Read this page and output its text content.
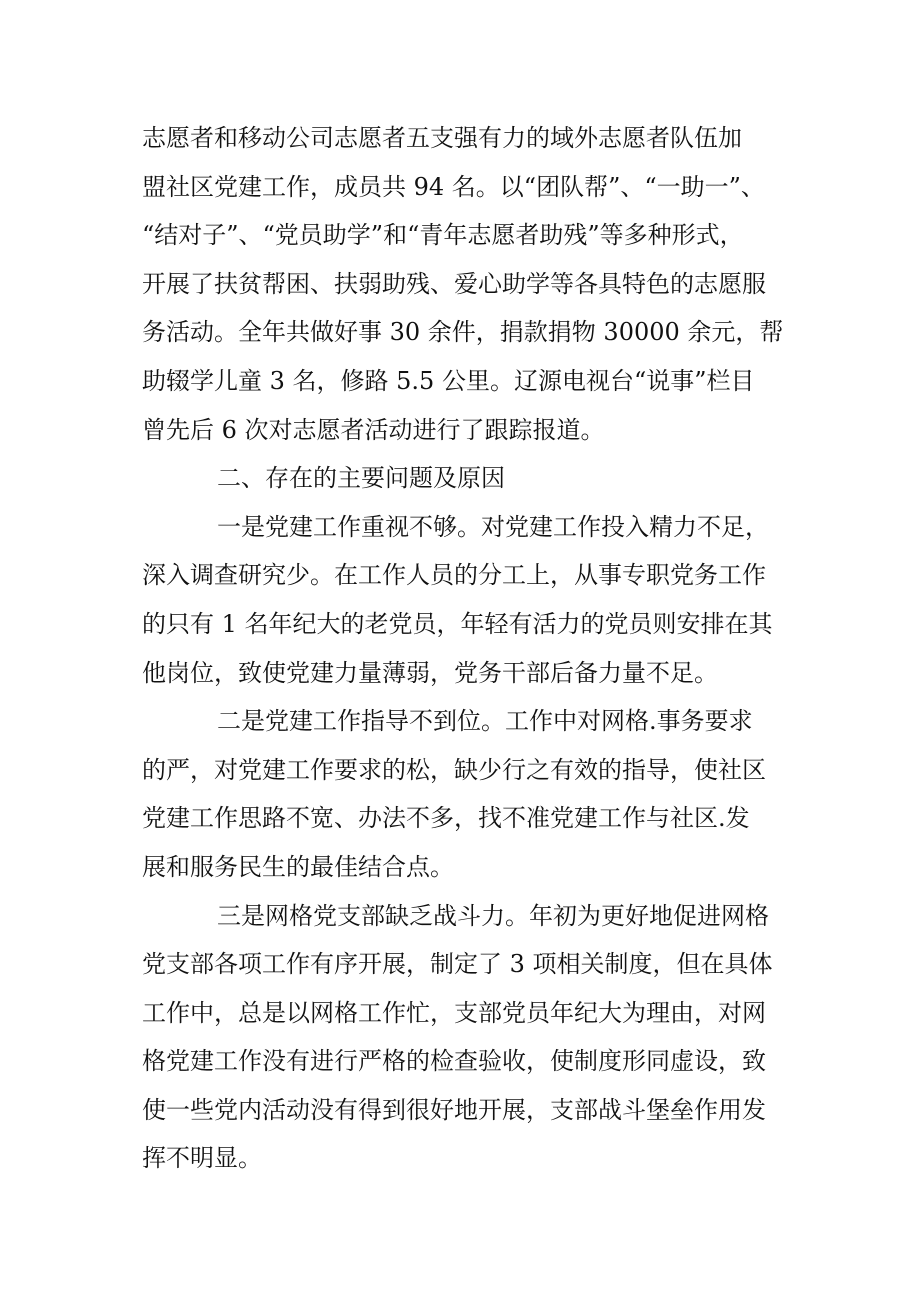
志愿者和移动公司志愿者五支强有力的域外志愿者队伍加
盟社区党建工作，成员共 94 名。以“团队帮”、“一助一”、
“结对子”、“党员助学”和“青年志愿者助残”等多种形式，
开展了扶贫帮困、扶弱助残、爱心助学等各具特色的志愿服
务活动。全年共做好事 30 余件，捐款捐物 30000 余元，帮
助辍学儿童 3 名，修路 5.5 公里。辽源电视台“说事”栏目
曾先后 6 次对志愿者活动进行了跟踪报道。
二、存在的主要问题及原因
一是党建工作重视不够。对党建工作投入精力不足，
深入调查研究少。在工作人员的分工上，从事专职党务工作
的只有 1 名年纪大的老党员，年轻有活力的党员则安排在其
他岗位，致使党建力量薄弱，党务干部后备力量不足。
二是党建工作指导不到位。工作中对网格.事务要求
的严，对党建工作要求的松，缺少行之有效的指导，使社区
党建工作思路不宽、办法不多，找不准党建工作与社区.发
展和服务民生的最佳结合点。
三是网格党支部缺乏战斗力。年初为更好地促进网格
党支部各项工作有序开展，制定了 3 项相关制度，但在具体
工作中，总是以网格工作忙，支部党员年纪大为理由，对网
格党建工作没有进行严格的检查验收，使制度形同虚设，致
使一些党内活动没有得到很好地开展，支部战斗堡垒作用发
挥不明显。
